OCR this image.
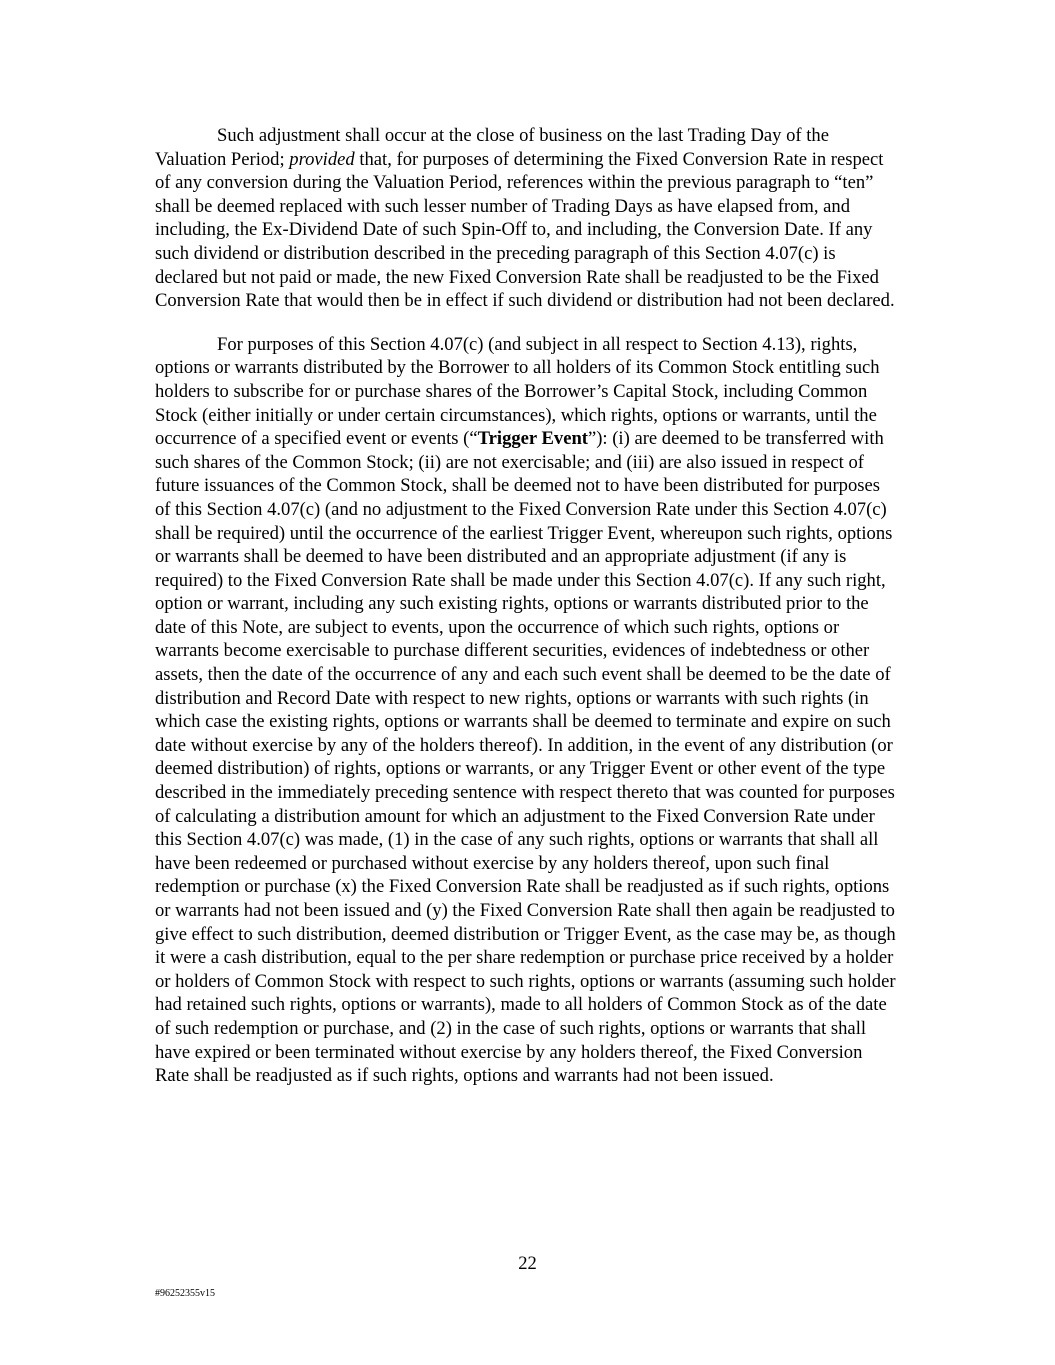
Such adjustment shall occur at the close of business on the last Trading Day of the Valuation Period; provided that, for purposes of determining the Fixed Conversion Rate in respect of any conversion during the Valuation Period, references within the previous paragraph to “ten” shall be deemed replaced with such lesser number of Trading Days as have elapsed from, and including, the Ex-Dividend Date of such Spin-Off to, and including, the Conversion Date. If any such dividend or distribution described in the preceding paragraph of this Section 4.07(c) is declared but not paid or made, the new Fixed Conversion Rate shall be readjusted to be the Fixed Conversion Rate that would then be in effect if such dividend or distribution had not been declared.

For purposes of this Section 4.07(c) (and subject in all respect to Section 4.13), rights, options or warrants distributed by the Borrower to all holders of its Common Stock entitling such holders to subscribe for or purchase shares of the Borrower’s Capital Stock, including Common Stock (either initially or under certain circumstances), which rights, options or warrants, until the occurrence of a specified event or events (“Trigger Event”): (i) are deemed to be transferred with such shares of the Common Stock; (ii) are not exercisable; and (iii) are also issued in respect of future issuances of the Common Stock, shall be deemed not to have been distributed for purposes of this Section 4.07(c) (and no adjustment to the Fixed Conversion Rate under this Section 4.07(c) shall be required) until the occurrence of the earliest Trigger Event, whereupon such rights, options or warrants shall be deemed to have been distributed and an appropriate adjustment (if any is required) to the Fixed Conversion Rate shall be made under this Section 4.07(c). If any such right, option or warrant, including any such existing rights, options or warrants distributed prior to the date of this Note, are subject to events, upon the occurrence of which such rights, options or warrants become exercisable to purchase different securities, evidences of indebtedness or other assets, then the date of the occurrence of any and each such event shall be deemed to be the date of distribution and Record Date with respect to new rights, options or warrants with such rights (in which case the existing rights, options or warrants shall be deemed to terminate and expire on such date without exercise by any of the holders thereof). In addition, in the event of any distribution (or deemed distribution) of rights, options or warrants, or any Trigger Event or other event of the type described in the immediately preceding sentence with respect thereto that was counted for purposes of calculating a distribution amount for which an adjustment to the Fixed Conversion Rate under this Section 4.07(c) was made, (1) in the case of any such rights, options or warrants that shall all have been redeemed or purchased without exercise by any holders thereof, upon such final redemption or purchase (x) the Fixed Conversion Rate shall be readjusted as if such rights, options or warrants had not been issued and (y) the Fixed Conversion Rate shall then again be readjusted to give effect to such distribution, deemed distribution or Trigger Event, as the case may be, as though it were a cash distribution, equal to the per share redemption or purchase price received by a holder or holders of Common Stock with respect to such rights, options or warrants (assuming such holder had retained such rights, options or warrants), made to all holders of Common Stock as of the date of such redemption or purchase, and (2) in the case of such rights, options or warrants that shall have expired or been terminated without exercise by any holders thereof, the Fixed Conversion Rate shall be readjusted as if such rights, options and warrants had not been issued.

22
#96252355v15
